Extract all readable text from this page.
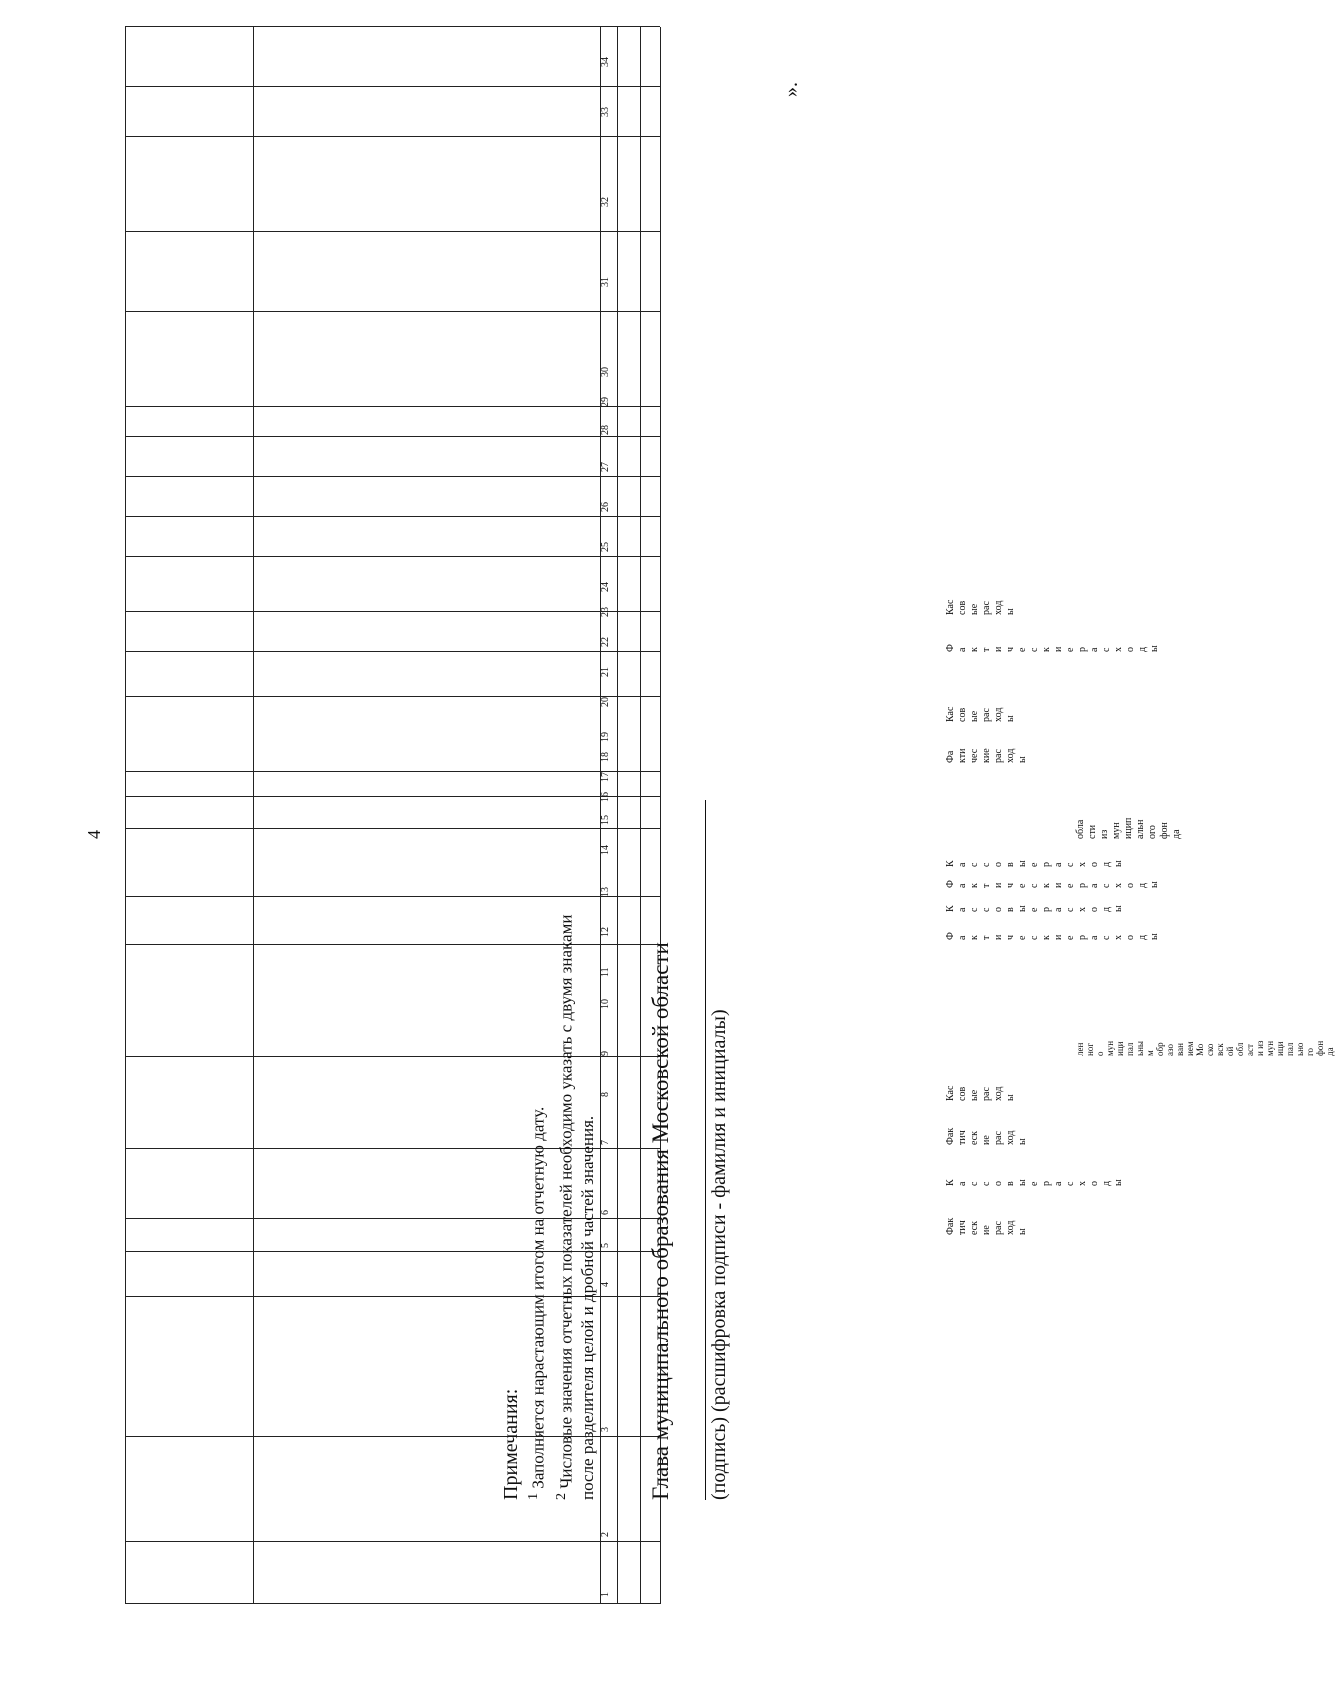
4
Фак
тич
еск
ие
рас
ход
ы
К
а
с
с
о
в
ы
е
р
а
с
х
о
д
ы
Фак
тич
еск
ие
рас
ход
ы
Кас
сов
ые
рас
ход
ы
лен
ног
о
мун
ици
пал
ьны
м
обр
азо
ван
ием
Мо
ско
вск
ой
обл
аст
и из
мун
ици
пал
ьно
го
фон
да
Ф
а
к
т
и
ч
е
с
к
и
е
р
а
с
х
о
д
ы
К
а
с
с
о
в
ы
е
р
а
с
х
о
д
ы
Ф
а
к
т
и
ч
е
с
к
и
е
р
а
с
х
о
д
ы
К
а
с
с
о
в
ы
е
р
а
с
х
о
д
ы
обла
сти
из
мун
ицип
альн
ого
фон
да
Фа
кти
чес
кие
рас
ход
ы
Кас
сов
ые
рас
ход
ы
Ф
а
к
т
и
ч
е
с
к
и
е
р
а
с
х
о
д
ы
Кас
сов
ые
рас
ход
ы
1
2
3
4
5
6
7
8
9
10
11
12
13
14
15
16
17
18
19
20
21
22
23
24
25
26
27
28
29
30
31
32
33
34
Примечания: $^1$ Заполняется нарастающим итогом на отчетную дату.
$^2$ Числовые значения отчетных показателей необходимо указать с двумя знаками после разделителя целой и дробной частей значения. Глава муниципального образования Московской области (подпись) (расшифровка подписи - фамилия и инициалы)
».
